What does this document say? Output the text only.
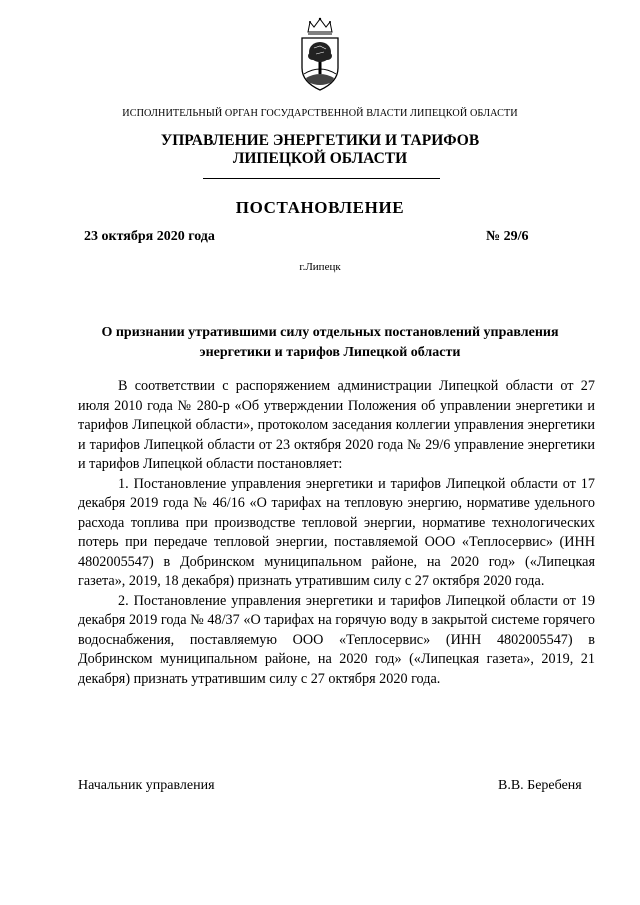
ИСПОЛНИТЕЛЬНЫЙ ОРГАН ГОСУДАРСТВЕННОЙ ВЛАСТИ ЛИПЕЦКОЙ ОБЛАСТИ
УПРАВЛЕНИЕ ЭНЕРГЕТИКИ И ТАРИФОВ
ЛИПЕЦКОЙ ОБЛАСТИ
ПОСТАНОВЛЕНИЕ
23 октября 2020 года	№ 29/6
г.Липецк
О признании утратившими силу отдельных постановлений управления энергетики и тарифов Липецкой области

В соответствии с распоряжением администрации Липецкой области от 27 июля 2010 года № 280-р «Об утверждении Положения об управлении энергетики и тарифов Липецкой области», протоколом заседания коллегии управления энергетики и тарифов Липецкой области от 23 октября 2020 года № 29/6 управление энергетики и тарифов Липецкой области постановляет:

1. Постановление управления энергетики и тарифов Липецкой области от 17 декабря 2019 года № 46/16 «О тарифах на тепловую энергию, нормативе удельного расхода топлива при производстве тепловой энергии, нормативе технологических потерь при передаче тепловой энергии, поставляемой ООО «Теплосервис» (ИНН 4802005547) в Добринском муниципальном районе, на 2020 год» («Липецкая газета», 2019, 18 декабря) признать утратившим силу с 27 октября 2020 года.

2. Постановление управления энергетики и тарифов Липецкой области от 19 декабря 2019 года № 48/37 «О тарифах на горячую воду в закрытой системе горячего водоснабжения, поставляемую ООО «Теплосервис» (ИНН 4802005547) в Добринском муниципальном районе, на 2020 год» («Липецкая газета», 2019, 21 декабря) признать утратившим силу с 27 октября 2020 года.

Начальник управления	В.В. Беребеня
